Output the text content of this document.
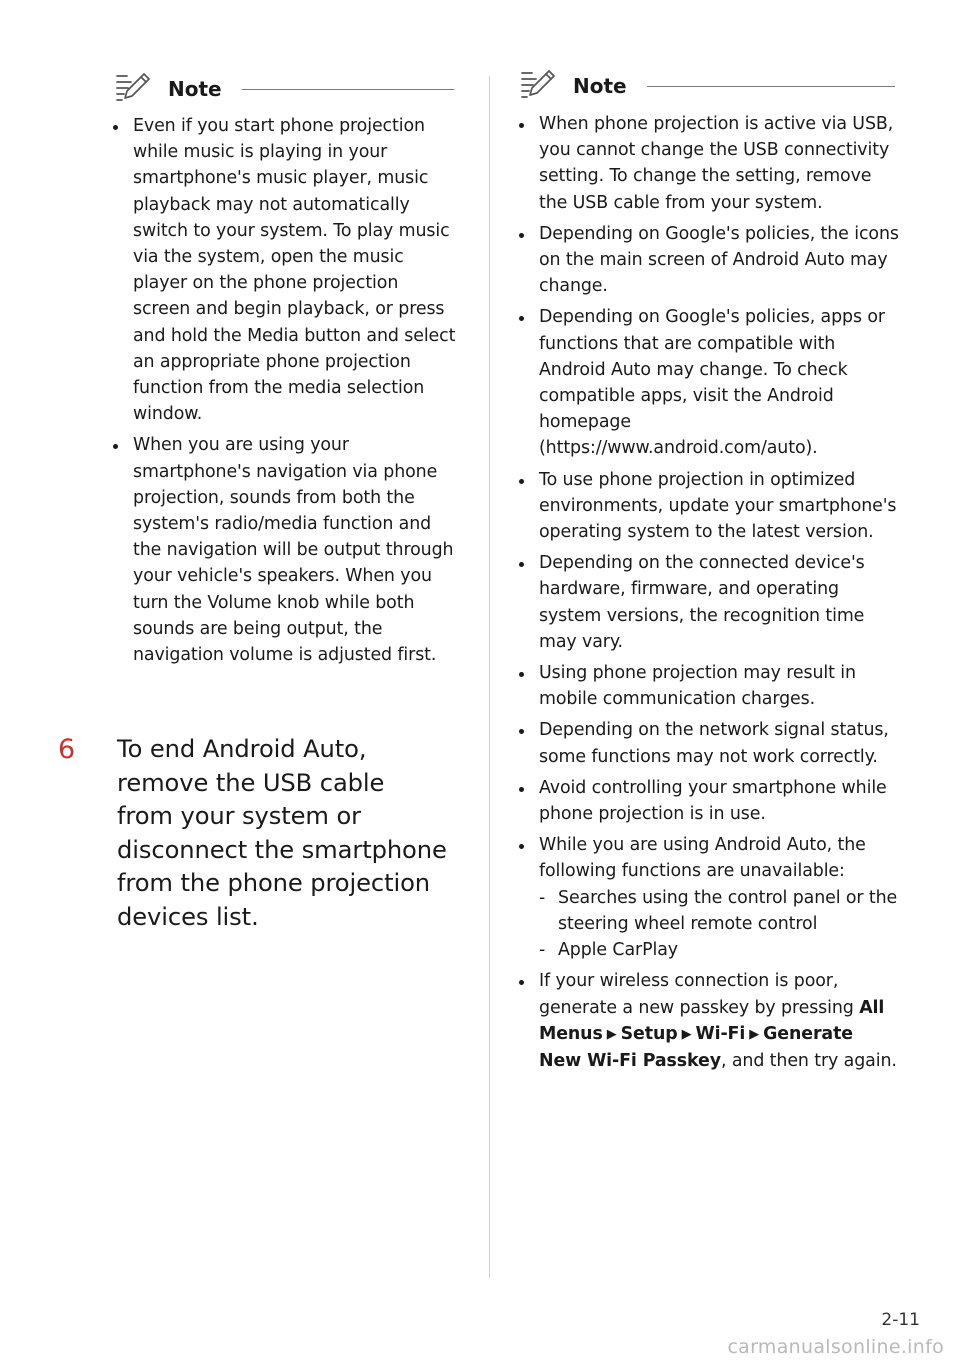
Note
Even if you start phone projection while music is playing in your smartphone's music player, music playback may not automatically switch to your system. To play music via the system, open the music player on the phone projection screen and begin playback, or press and hold the Media button and select an appropriate phone projection function from the media selection window.
When you are using your smartphone's navigation via phone projection, sounds from both the system's radio/media function and the navigation will be output through your vehicle's speakers. When you turn the Volume knob while both sounds are being output, the navigation volume is adjusted first.
6 To end Android Auto, remove the USB cable from your system or disconnect the smartphone from the phone projection devices list.
Note
When phone projection is active via USB, you cannot change the USB connectivity setting. To change the setting, remove the USB cable from your system.
Depending on Google's policies, the icons on the main screen of Android Auto may change.
Depending on Google's policies, apps or functions that are compatible with Android Auto may change. To check compatible apps, visit the Android homepage (https://www.android.com/auto).
To use phone projection in optimized environments, update your smartphone's operating system to the latest version.
Depending on the connected device's hardware, firmware, and operating system versions, the recognition time may vary.
Using phone projection may result in mobile communication charges.
Depending on the network signal status, some functions may not work correctly.
Avoid controlling your smartphone while phone projection is in use.
While you are using Android Auto, the following functions are unavailable:
- Searches using the control panel or the steering wheel remote control
- Apple CarPlay
If your wireless connection is poor, generate a new passkey by pressing All Menus ▶ Setup ▶ Wi-Fi ▶ Generate New Wi-Fi Passkey, and then try again.
2-11
carmanualsonline.info
